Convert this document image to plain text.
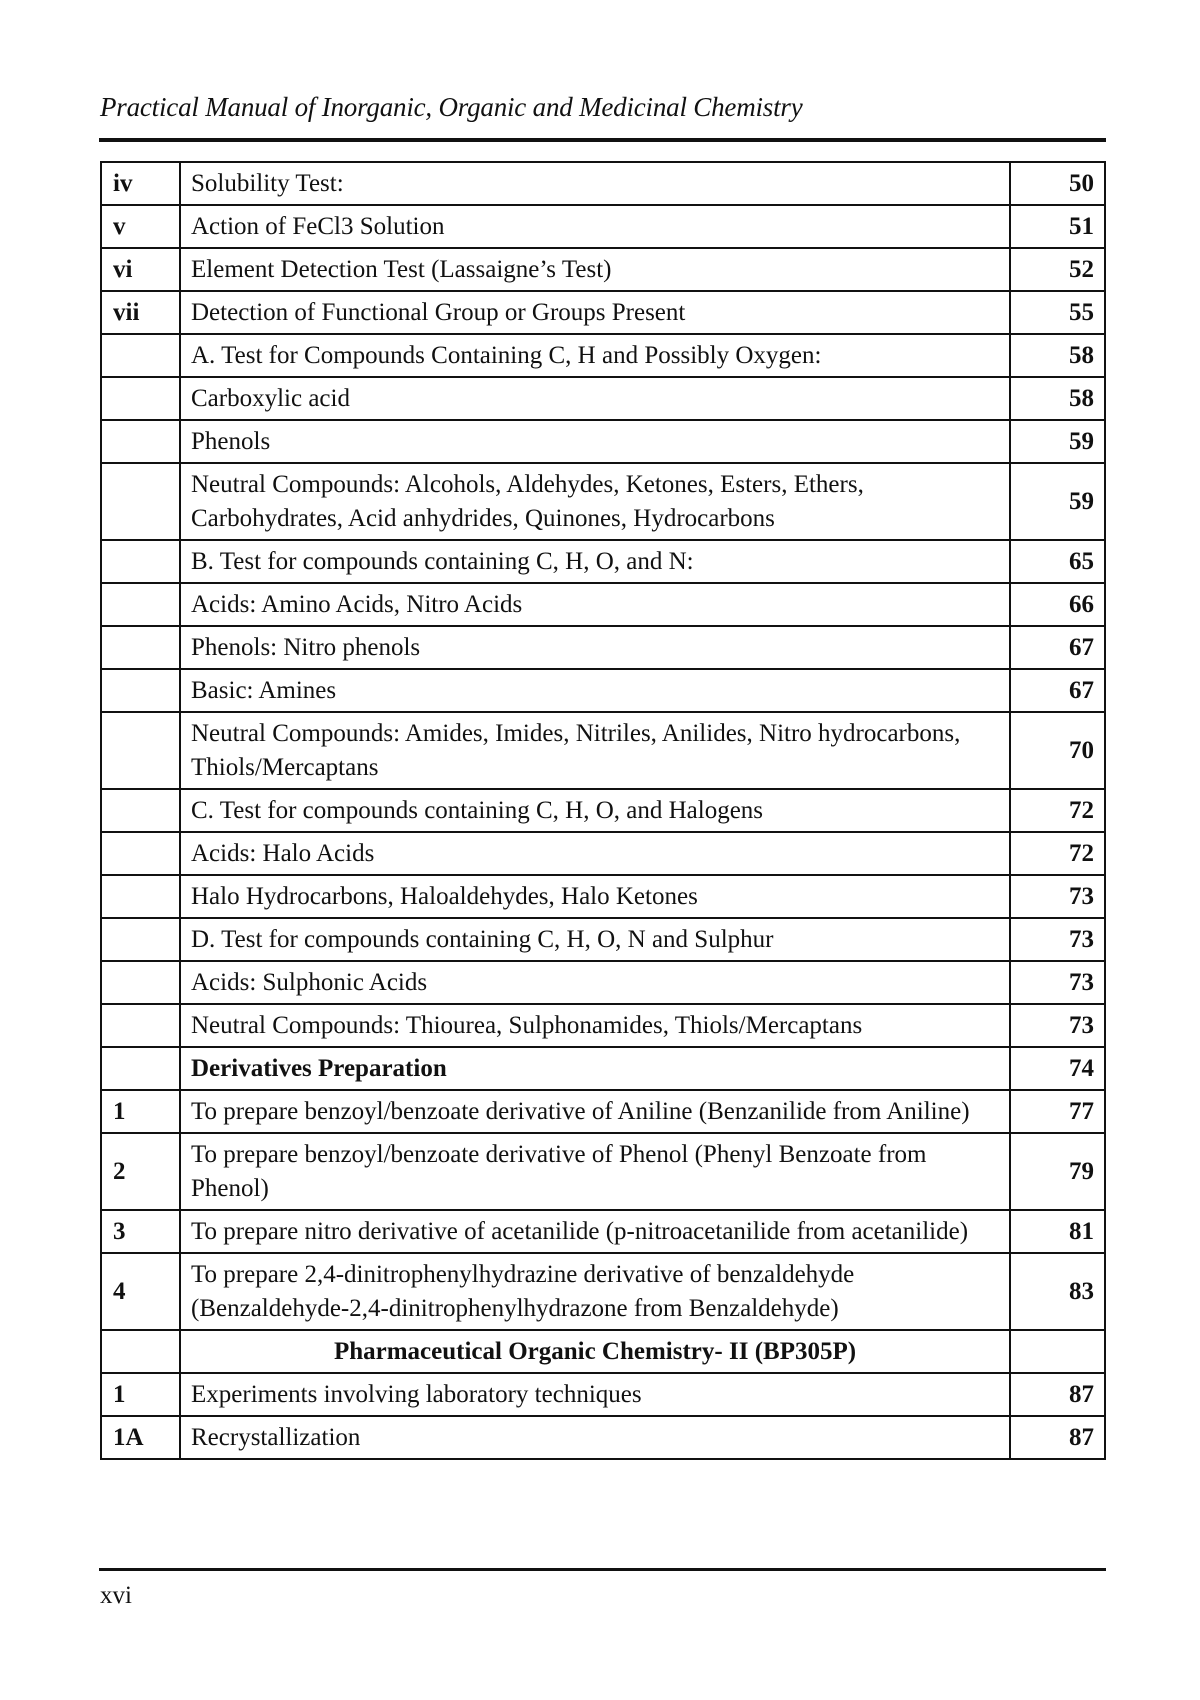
Practical Manual of Inorganic, Organic and Medicinal Chemistry
iv	Solubility Test:	50
v	Action of FeCl3 Solution	51
vi	Element Detection Test (Lassaigne’s Test)	52
vii	Detection of Functional Group or Groups Present	55
	A. Test for Compounds Containing C, H and Possibly Oxygen:	58
	Carboxylic acid	58
	Phenols	59
	Neutral Compounds: Alcohols, Aldehydes, Ketones, Esters, Ethers, Carbohydrates, Acid anhydrides, Quinones, Hydrocarbons	59
	B. Test for compounds containing C, H, O, and N:	65
	Acids: Amino Acids, Nitro Acids	66
	Phenols: Nitro phenols	67
	Basic: Amines	67
	Neutral Compounds: Amides, Imides, Nitriles, Anilides, Nitro hydrocarbons, Thiols/Mercaptans	70
	C. Test for compounds containing C, H, O, and Halogens	72
	Acids: Halo Acids	72
	Halo Hydrocarbons, Haloaldehydes, Halo Ketones	73
	D. Test for compounds containing C, H, O, N and Sulphur	73
	Acids: Sulphonic Acids	73
	Neutral Compounds: Thiourea, Sulphonamides, Thiols/Mercaptans	73
	Derivatives Preparation	74
1	To prepare benzoyl/benzoate derivative of Aniline (Benzanilide from Aniline)	77
2	To prepare benzoyl/benzoate derivative of Phenol (Phenyl Benzoate from Phenol)	79
3	To prepare nitro derivative of acetanilide (p-nitroacetanilide from acetanilide)	81
4	To prepare 2,4-dinitrophenylhydrazine derivative of benzaldehyde (Benzaldehyde-2,4-dinitrophenylhydrazone from Benzaldehyde)	83
	Pharmaceutical Organic Chemistry- II (BP305P)	
1	Experiments involving laboratory techniques	87
1A	Recrystallization	87
xvi
